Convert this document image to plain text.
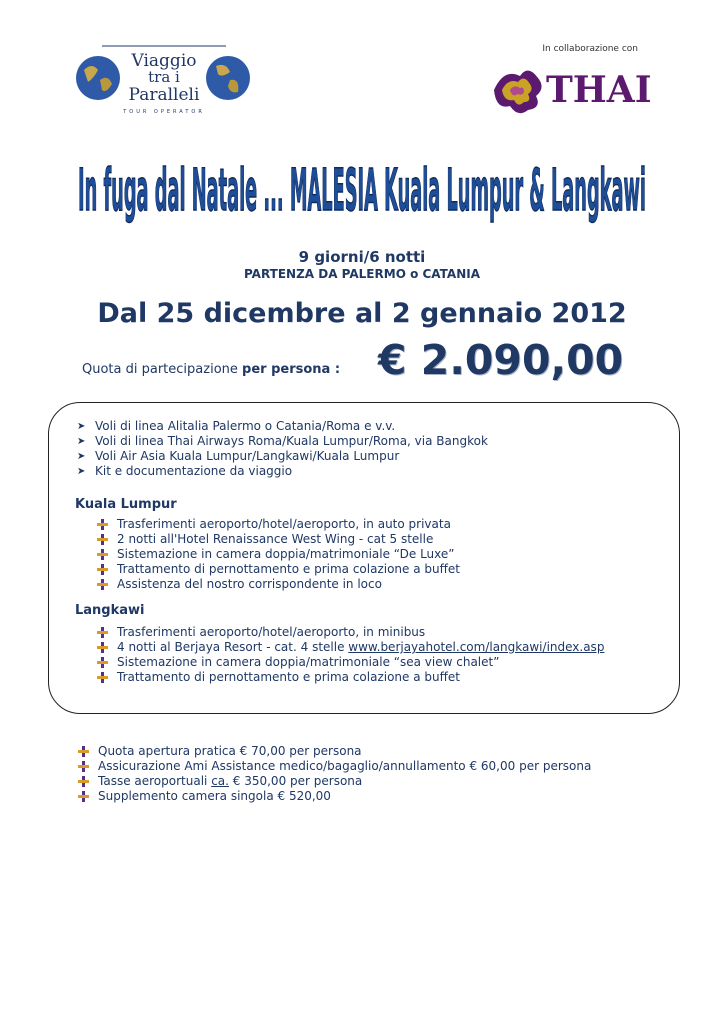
Viaggio
tra i
Paralleli
TOUR OPERATOR
In collaborazione con
THAI
In fuga dal Natale ... MALESIA Kuala Lumpur & Langkawi
9 giorni/6 notti
PARTENZA DA PALERMO o CATANIA
Dal 25 dicembre al 2 gennaio 2012
Quota di partecipazione per persona : € 2.090,00
➤ Voli di linea Alitalia Palermo o Catania/Roma e v.v.
➤ Voli di linea Thai Airways Roma/Kuala Lumpur/Roma, via Bangkok
➤ Voli Air Asia Kuala Lumpur/Langkawi/Kuala Lumpur
➤ Kit e documentazione da viaggio
Kuala Lumpur
Trasferimenti aeroporto/hotel/aeroporto, in auto privata
2 notti all'Hotel Renaissance West Wing - cat 5 stelle
Sistemazione in camera doppia/matrimoniale “De Luxe”
Trattamento di pernottamento e prima colazione a buffet
Assistenza del nostro corrispondente in loco
Langkawi
Trasferimenti aeroporto/hotel/aeroporto, in minibus
4 notti al Berjaya Resort - cat. 4 stelle www.berjayahotel.com/langkawi/index.asp
Sistemazione in camera doppia/matrimoniale “sea view chalet”
Trattamento di pernottamento e prima colazione a buffet
Quota apertura pratica € 70,00 per persona
Assicurazione Ami Assistance medico/bagaglio/annullamento € 60,00 per persona
Tasse aeroportuali ca. € 350,00 per persona
Supplemento camera singola € 520,00
